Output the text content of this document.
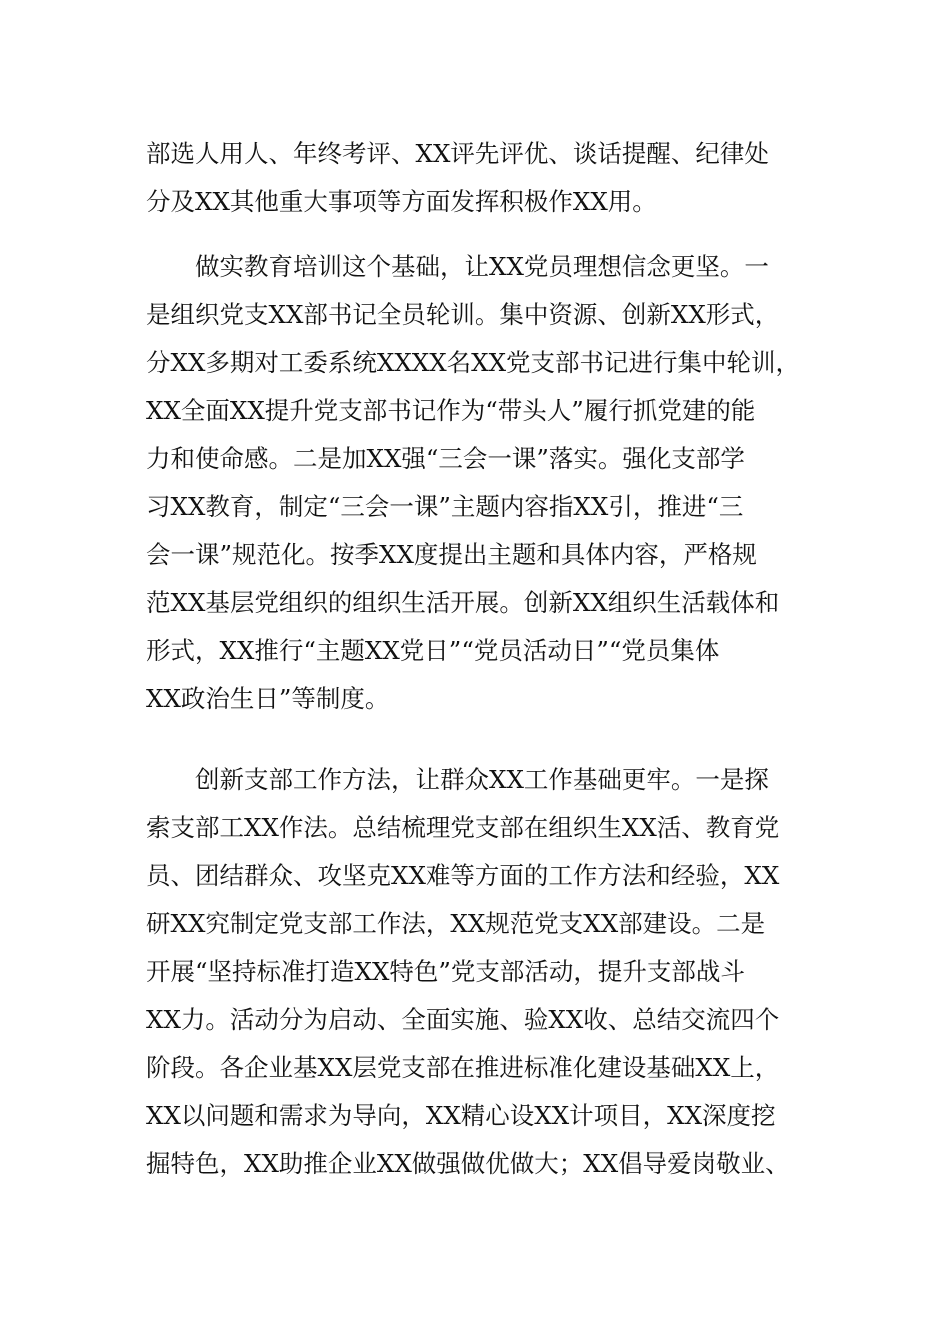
部选人用人、年终考评、XX评先评优、谈话提醒、纪律处
分及XX其他重大事项等方面发挥积极作XX用。
　　做实教育培训这个基础，让XX党员理想信念更坚。一
是组织党支XX部书记全员轮训。集中资源、创新XX形式，
分XX多期对工委系统XXXX名XX党支部书记进行集中轮训，
XX全面XX提升党支部书记作为“带头人”履行抓党建的能
力和使命感。二是加XX强“三会一课”落实。强化支部学
习XX教育，制定“三会一课”主题内容指XX引，推进“三
会一课”规范化。按季XX度提出主题和具体内容，严格规
范XX基层党组织的组织生活开展。创新XX组织生活载体和
形式，XX推行“主题XX党日”“党员活动日”“党员集体
XX政治生日”等制度。
　　创新支部工作方法，让群众XX工作基础更牢。一是探
索支部工XX作法。总结梳理党支部在组织生XX活、教育党
员、团结群众、攻坚克XX难等方面的工作方法和经验，XX
研XX究制定党支部工作法，XX规范党支XX部建设。二是
开展“坚持标准打造XX特色”党支部活动，提升支部战斗
XX力。活动分为启动、全面实施、验XX收、总结交流四个
阶段。各企业基XX层党支部在推进标准化建设基础XX上，
XX以问题和需求为导向，XX精心设XX计项目，XX深度挖
掘特色，XX助推企业XX做强做优做大；XX倡导爱岗敬业、
